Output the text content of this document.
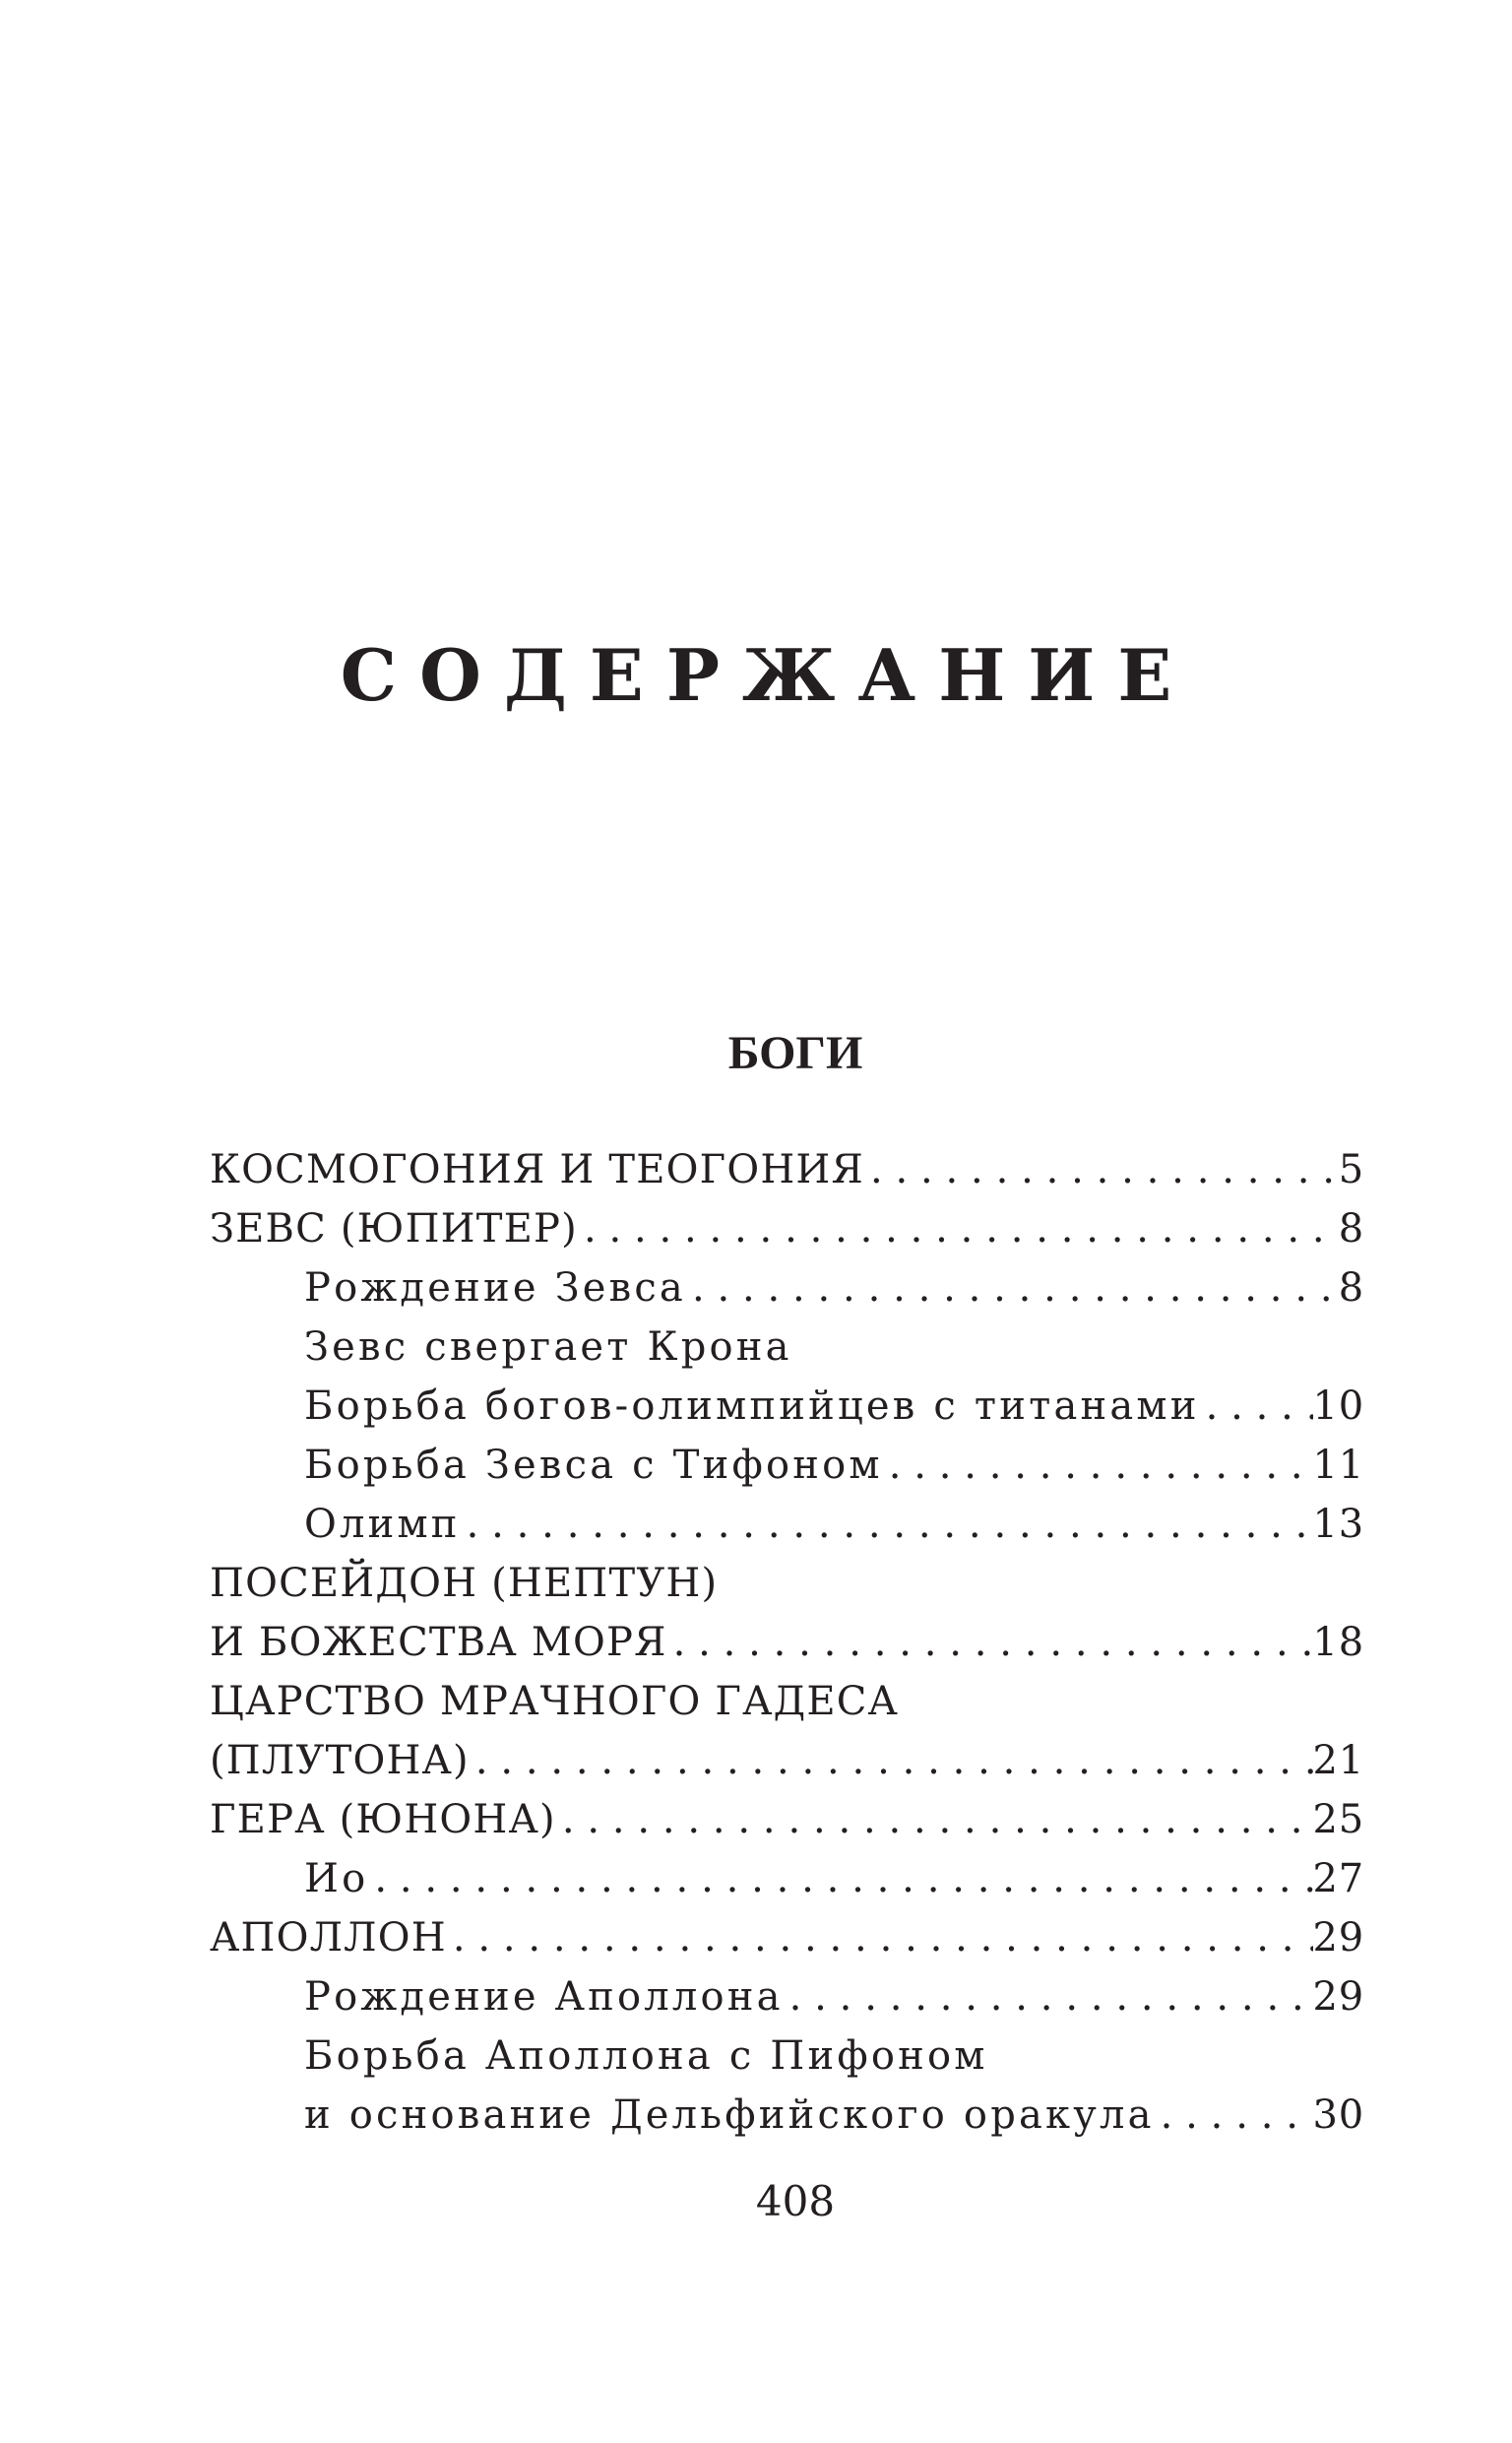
СОДЕРЖАНИЕ
БОГИ
КОСМОГОНИЯ И ТЕОГОНИЯ .....	5
ЗЕВС (ЮПИТЕР) .....	8
Рождение Зевса .....	8
Зевс свергает Крона
Борьба богов-олимпийцев с титанами .....	10
Борьба Зевса с Тифоном .....	11
Олимп .....	13
ПОСЕЙДОН (НЕПТУН)
И БОЖЕСТВА МОРЯ .....	18
ЦАРСТВО МРАЧНОГО ГАДЕСА
(ПЛУТОНА) .....	21
ГЕРА (ЮНОНА) .....	25
Ио .....	27
АПОЛЛОН .....	29
Рождение Аполлона .....	29
Борьба Аполлона с Пифоном
и основание Дельфийского оракула .....	30
408
